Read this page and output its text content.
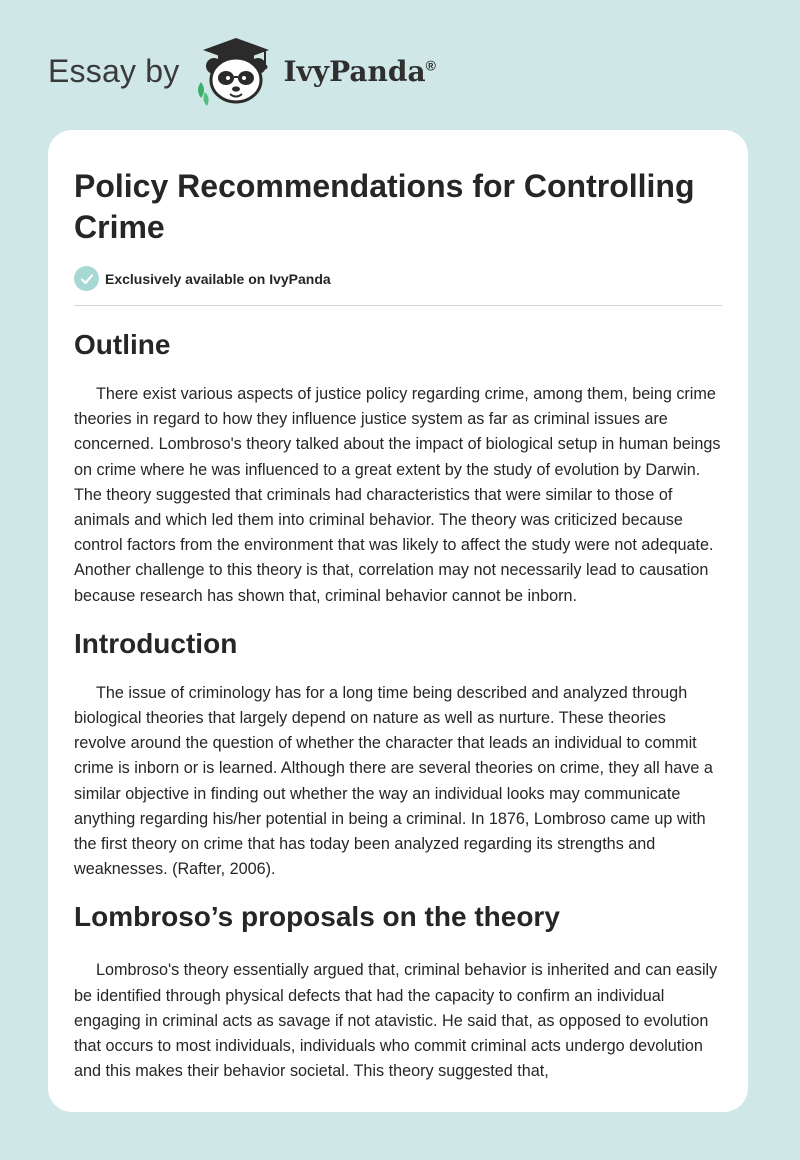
Essay by	IvyPanda®
Policy Recommendations for Controlling Crime
Exclusively available on IvyPanda
Outline

There exist various aspects of justice policy regarding crime, among them, being crime theories in regard to how they influence justice system as far as criminal issues are concerned. Lombroso's theory talked about the impact of biological setup in human beings on crime where he was influenced to a great extent by the study of evolution by Darwin. The theory suggested that criminals had characteristics that were similar to those of animals and which led them into criminal behavior. The theory was criticized because control factors from the environment that was likely to affect the study were not adequate. Another challenge to this theory is that, correlation may not necessarily lead to causation because research has shown that, criminal behavior cannot be inborn.

Introduction

The issue of criminology has for a long time being described and analyzed through biological theories that largely depend on nature as well as nurture. These theories revolve around the question of whether the character that leads an individual to commit crime is inborn or is learned. Although there are several theories on crime, they all have a similar objective in finding out whether the way an individual looks may communicate anything regarding his/her potential in being a criminal. In 1876, Lombroso came up with the first theory on crime that has today been analyzed regarding its strengths and weaknesses. (Rafter, 2006).

Lombroso’s proposals on the theory

Lombroso's theory essentially argued that, criminal behavior is inherited and can easily be identified through physical defects that had the capacity to confirm an individual engaging in criminal acts as savage if not atavistic. He said that, as opposed to evolution that occurs to most individuals, individuals who commit criminal acts undergo devolution and this makes their behavior societal. This theory suggested that,
